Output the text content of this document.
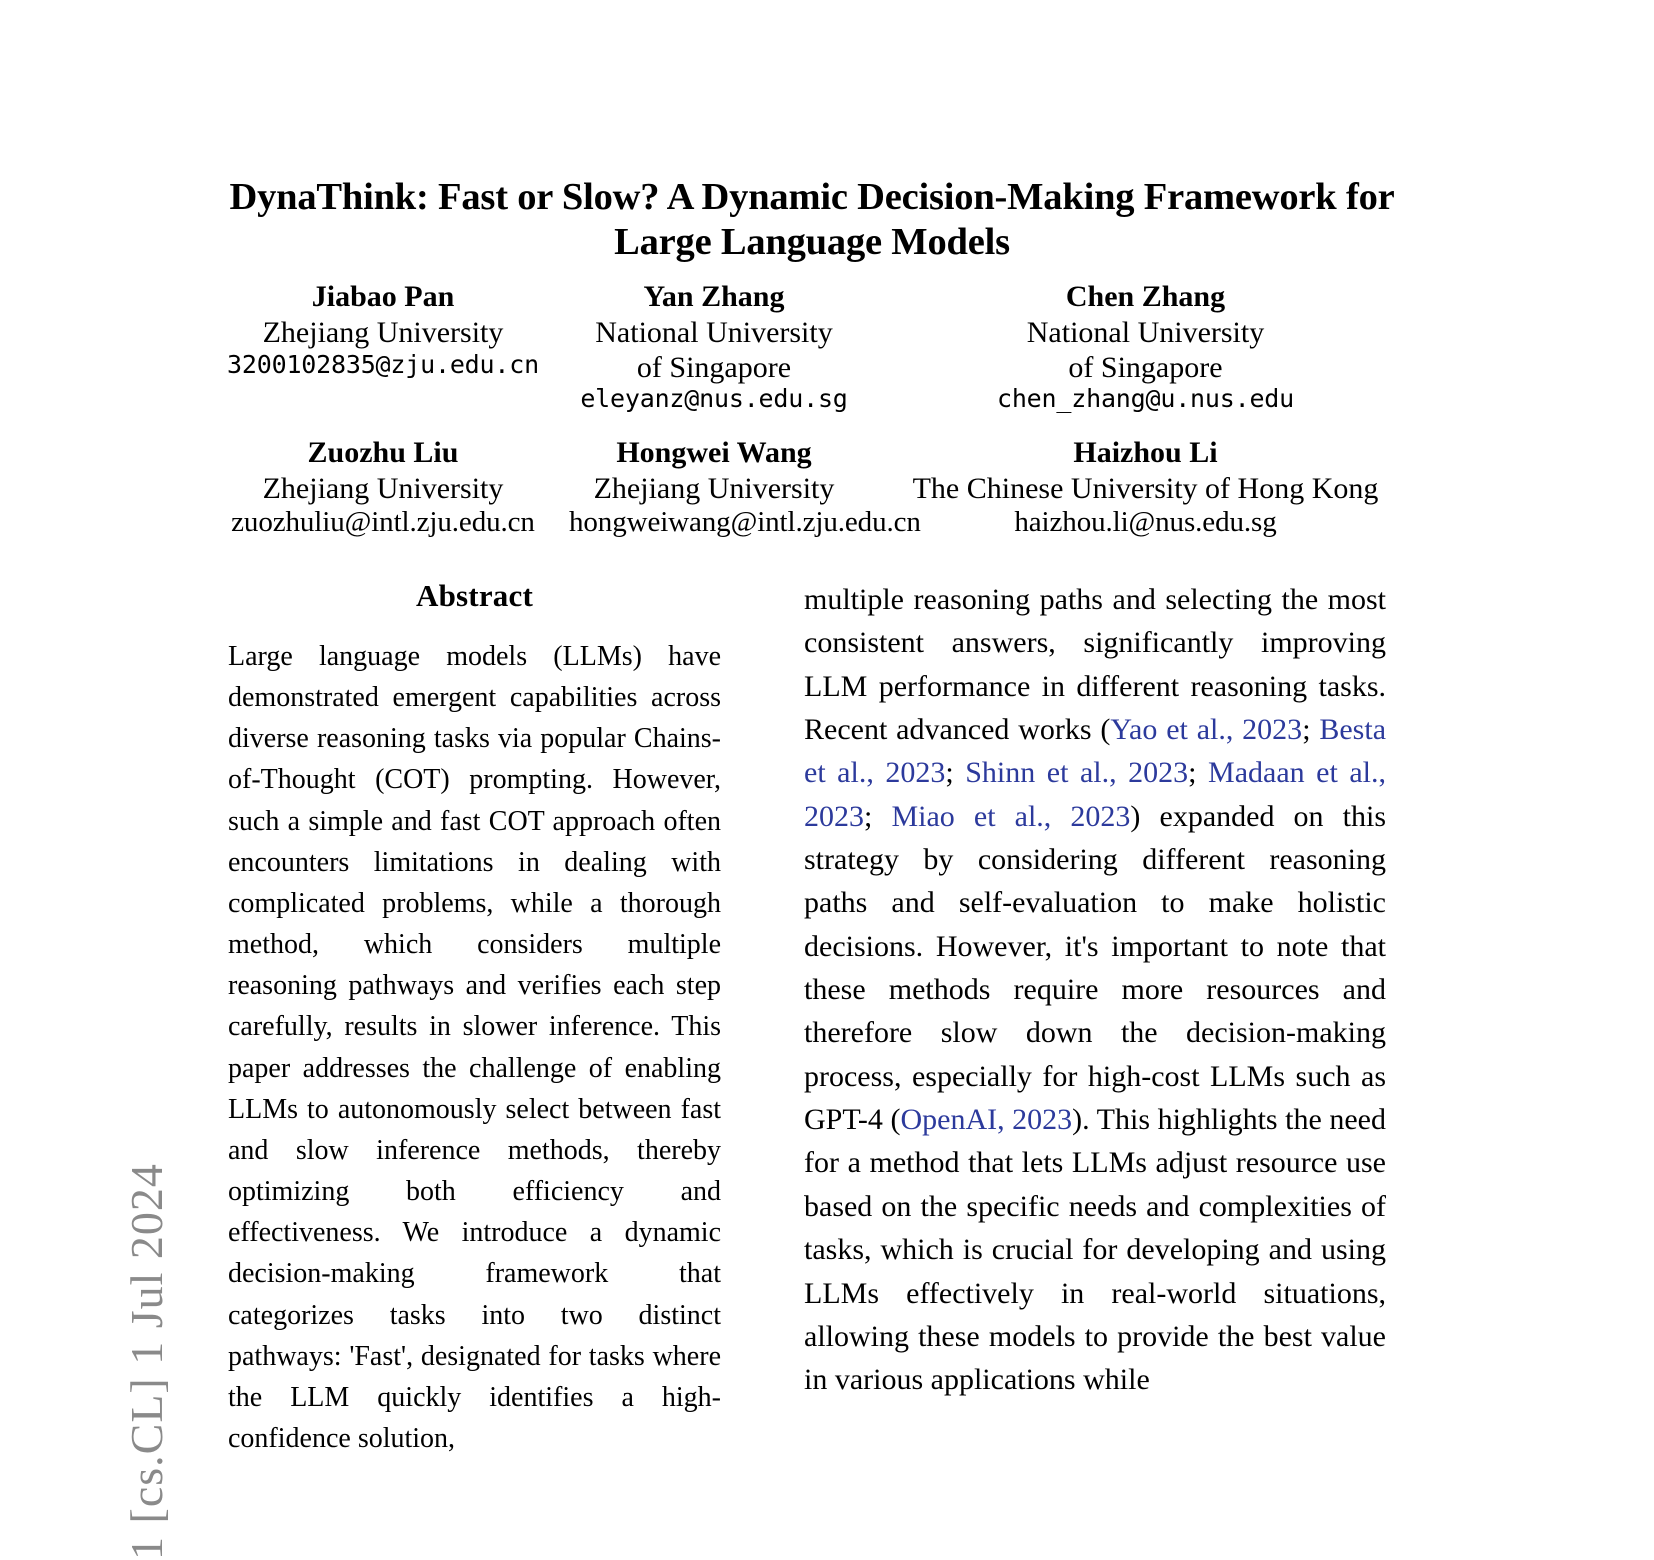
1 [cs.CL] 1 Jul 2024
DynaThink: Fast or Slow? A Dynamic Decision-Making Framework for Large Language Models
Jiabao Pan
Zhejiang University
3200102835@zju.edu.cn
Yan Zhang
National University
of Singapore
eleyanz@nus.edu.sg
Chen Zhang
National University
of Singapore
chen_zhang@u.nus.edu
Zuozhu Liu
Zhejiang University
zuozhuliu@intl.zju.edu.cn
Hongwei Wang
Zhejiang University
hongweiwang@intl.zju.edu.cn
Haizhou Li
The Chinese University of Hong Kong
haizhou.li@nus.edu.sg
Abstract

Large language models (LLMs) have demonstrated emergent capabilities across diverse reasoning tasks via popular Chains-of-Thought (COT) prompting. However, such a simple and fast COT approach often encounters limitations in dealing with complicated problems, while a thorough method, which considers multiple reasoning pathways and verifies each step carefully, results in slower inference. This paper addresses the challenge of enabling LLMs to autonomously select between fast and slow inference methods, thereby optimizing both efficiency and effectiveness. We introduce a dynamic decision-making framework that categorizes tasks into two distinct pathways: 'Fast', designated for tasks where the LLM quickly identifies a high-confidence solution,

multiple reasoning paths and selecting the most consistent answers, significantly improving LLM performance in different reasoning tasks. Recent advanced works (Yao et al., 2023; Besta et al., 2023; Shinn et al., 2023; Madaan et al., 2023; Miao et al., 2023) expanded on this strategy by considering different reasoning paths and self-evaluation to make holistic decisions. However, it's important to note that these methods require more resources and therefore slow down the decision-making process, especially for high-cost LLMs such as GPT-4 (OpenAI, 2023). This highlights the need for a method that lets LLMs adjust resource use based on the specific needs and complexities of tasks, which is crucial for developing and using LLMs effectively in real-world situations, allowing these models to provide the best value in various applications while
